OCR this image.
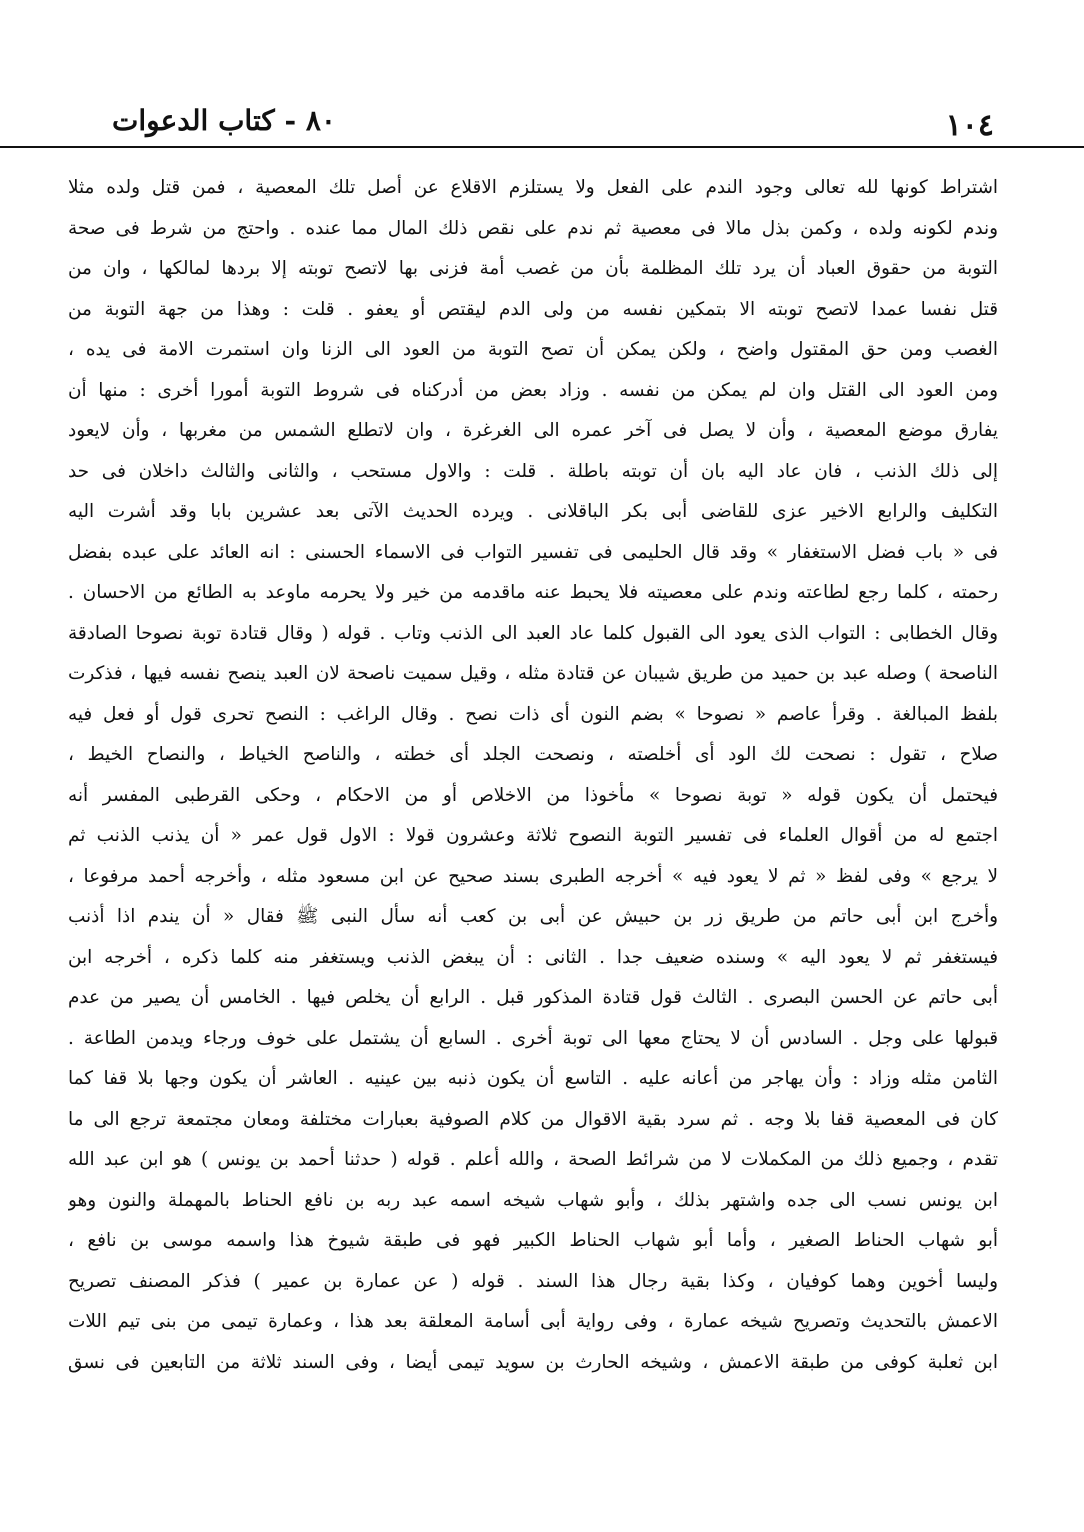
١٠٤
٨٠ - كتاب الدعوات
اشتراط كونها لله تعالى وجود الندم على الفعل ولا يستلزم الاقلاع عن أصل تلك المعصية ، فمن قتل ولده مثلا
وندم لكونه ولده ، وكمن بذل مالا فى معصية ثم ندم على نقص ذلك المال مما عنده . واحتج من شرط فى صحة
التوبة من حقوق العباد أن يرد تلك المظلمة بأن من غصب أمة فزنى بها لاتصح توبته إلا بردها لمالكها ، وان من
قتل نفسا عمدا لاتصح توبته الا بتمكين نفسه من ولى الدم ليقتص أو يعفو . قلت : وهذا من جهة التوبة من
الغصب ومن حق المقتول واضح ، ولكن يمكن أن تصح التوبة من العود الى الزنا وان استمرت الامة فى يده ،
ومن العود الى القتل وان لم يمكن من نفسه . وزاد بعض من أدركناه فى شروط التوبة أمورا أخرى : منها أن
يفارق موضع المعصية ، وأن لا يصل فى آخر عمره الى الغرغرة ، وان لاتطلع الشمس من مغربها ، وأن لايعود
إلى ذلك الذنب ، فان عاد اليه بان أن توبته باطلة . قلت : والاول مستحب ، والثانى والثالث داخلان فى حد
التكليف والرابع الاخير عزى للقاضى أبى بكر الباقلانى . ويرده الحديث الآتى بعد عشرين بابا وقد أشرت اليه
فى « باب فضل الاستغفار » وقد قال الحليمى فى تفسير التواب فى الاسماء الحسنى : انه العائد على عبده بفضل
رحمته ، كلما رجع لطاعته وندم على معصيته فلا يحبط عنه ماقدمه من خير ولا يحرمه ماوعد به الطائع من الاحسان .
وقال الخطابى : التواب الذى يعود الى القبول كلما عاد العبد الى الذنب وتاب . قوله ( وقال قتادة توبة نصوحا الصادقة
الناصحة ) وصله عبد بن حميد من طريق شيبان عن قتادة مثله ، وقيل سميت ناصحة لان العبد ينصح نفسه فيها ، فذكرت
بلفظ المبالغة . وقرأ عاصم « نصوحا » بضم النون أى ذات نصح . وقال الراغب : النصح تحرى قول أو فعل فيه
صلاح ، تقول : نصحت لك الود أى أخلصته ، ونصحت الجلد أى خطته ، والناصح الخياط ، والنصاح الخيط ،
فيحتمل أن يكون قوله « توبة نصوحا » مأخوذا من الاخلاص أو من الاحكام ، وحكى القرطبى المفسر أنه
اجتمع له من أقوال العلماء فى تفسير التوبة النصوح ثلاثة وعشرون قولا : الاول قول عمر « أن يذنب الذنب ثم
لا يرجع » وفى لفظ « ثم لا يعود فيه » أخرجه الطبرى بسند صحيح عن ابن مسعود مثله ، وأخرجه أحمد مرفوعا ،
وأخرج ابن أبى حاتم من طريق زر بن حبيش عن أبى بن كعب أنه سأل النبى ﷺ فقال « أن يندم اذا أذنب
فيستغفر ثم لا يعود اليه » وسنده ضعيف جدا . الثانى : أن يبغض الذنب ويستغفر منه كلما ذكره ، أخرجه ابن
أبى حاتم عن الحسن البصرى . الثالث قول قتادة المذكور قبل . الرابع أن يخلص فيها . الخامس أن يصير من عدم
قبولها على وجل . السادس أن لا يحتاج معها الى توبة أخرى . السابع أن يشتمل على خوف ورجاء ويدمن الطاعة .
الثامن مثله وزاد : وأن يهاجر من أعانه عليه . التاسع أن يكون ذنبه بين عينيه . العاشر أن يكون وجها بلا قفا كما
كان فى المعصية قفا بلا وجه . ثم سرد بقية الاقوال من كلام الصوفية بعبارات مختلفة ومعان مجتمعة ترجع الى ما
تقدم ، وجميع ذلك من المكملات لا من شرائط الصحة ، والله أعلم . قوله ( حدثنا أحمد بن يونس ) هو ابن عبد الله
ابن يونس نسب الى جده واشتهر بذلك ، وأبو شهاب شيخه اسمه عبد ربه بن نافع الحناط بالمهملة والنون وهو
أبو شهاب الحناط الصغير ، وأما أبو شهاب الحناط الكبير فهو فى طبقة شيوخ هذا واسمه موسى بن نافع ،
وليسا أخوين وهما كوفيان ، وكذا بقية رجال هذا السند . قوله ( عن عمارة بن عمير ) فذكر المصنف تصريح
الاعمش بالتحديث وتصريح شيخه عمارة ، وفى رواية أبى أسامة المعلقة بعد هذا ، وعمارة تيمى من بنى تيم اللات
ابن ثعلبة كوفى من طبقة الاعمش ، وشيخه الحارث بن سويد تيمى أيضا ، وفى السند ثلاثة من التابعين فى نسق
